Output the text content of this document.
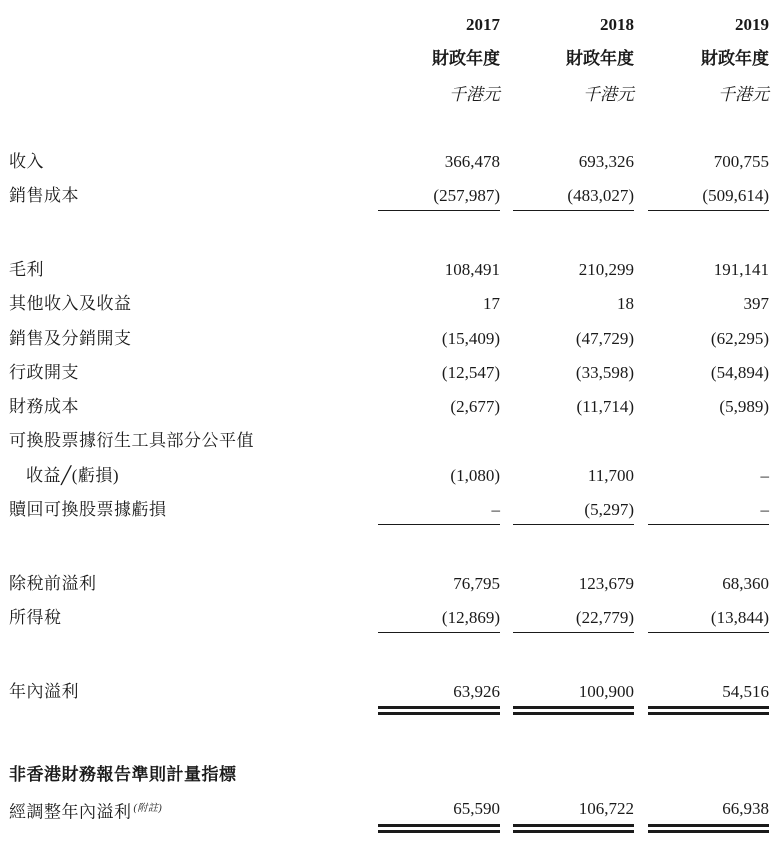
2017	2018	2019
財政年度	財政年度	財政年度
千港元	千港元	千港元
收入	366,478	693,326	700,755
銷售成本	(257,987)	(483,027)	(509,614)
毛利	108,491	210,299	191,141
其他收入及收益	17	18	397
銷售及分銷開支	(15,409)	(47,729)	(62,295)
行政開支	(12,547)	(33,598)	(54,894)
財務成本	(2,677)	(11,714)	(5,989)
可換股票據衍生工具部分公平值
收益╱(虧損)	(1,080)	11,700	–
贖回可換股票據虧損	–	(5,297)	–
除稅前溢利	76,795	123,679	68,360
所得稅	(12,869)	(22,779)	(13,844)
年內溢利	63,926	100,900	54,516
非香港財務報告準則計量指標
經調整年內溢利 $^{(附註)}$	65,590	106,722	66,938
